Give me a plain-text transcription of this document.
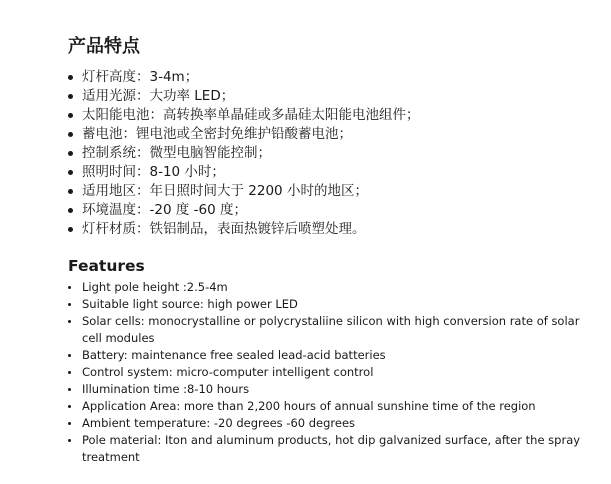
产品特点
灯杆高度：3-4m；
适用光源：大功率 LED；
太阳能电池：高转换率单晶硅或多晶硅太阳能电池组件；
蓄电池：锂电池或全密封免维护铅酸蓄电池；
控制系统：微型电脑智能控制；
照明时间：8-10 小时；
适用地区：年日照时间大于 2200 小时的地区；
环境温度：-20 度 -60 度；
灯杆材质：铁铝制品，表面热镀锌后喷塑处理。
Features
Light pole height :2.5-4m
Suitable light source: high power LED
Solar cells: monocrystalline or polycrystaliine silicon with high conversion rate of solar cell modules
Battery: maintenance free sealed lead-acid batteries
Control system: micro-computer intelligent control
Illumination time :8-10 hours
Application Area: more than 2,200 hours of annual sunshine time of the region
Ambient temperature: -20 degrees -60 degrees
Pole material: Iton and aluminum products, hot dip galvanized surface, after the spray treatment
